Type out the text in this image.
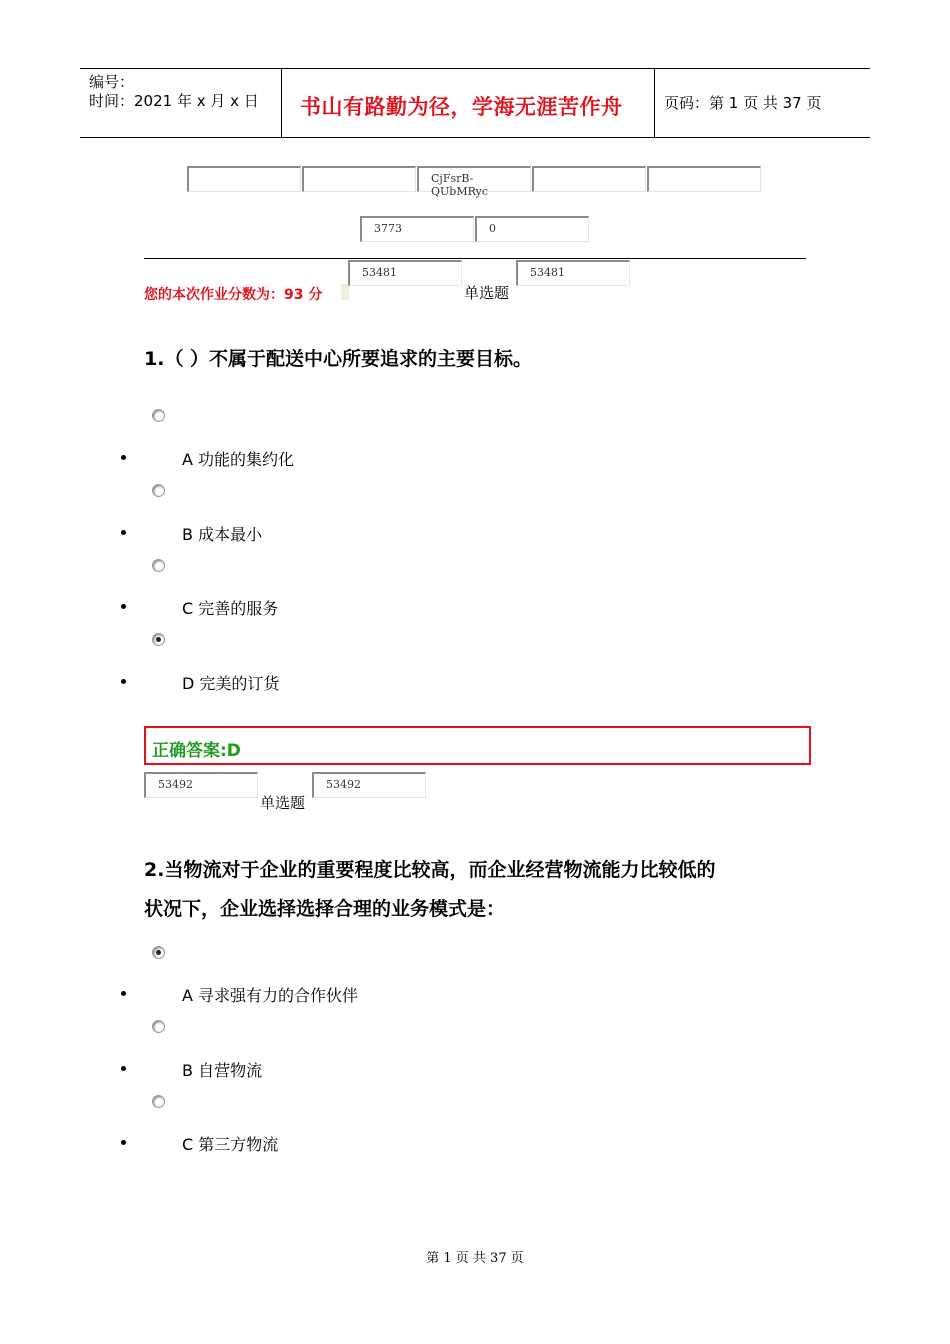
编号：
时间：2021 年 x 月 x 日 书山有路勤为径，学海无涯苦作舟	页码：第 1 页 共 37 页
CjFsrB-QUbMRyc
3773	0
您的本次作业分数为：93 分
53481
单选题
53481
1.（ ）不属于配送中心所要追求的主要目标。
A 功能的集约化
B 成本最小
C 完善的服务
D 完美的订货
正确答案:D
53492
单选题
53492
2.当物流对于企业的重要程度比较高，而企业经营物流能力比较低的
状况下，企业选择选择合理的业务模式是：
A 寻求强有力的合作伙伴
B 自营物流
C 第三方物流
第 1 页 共 37 页
